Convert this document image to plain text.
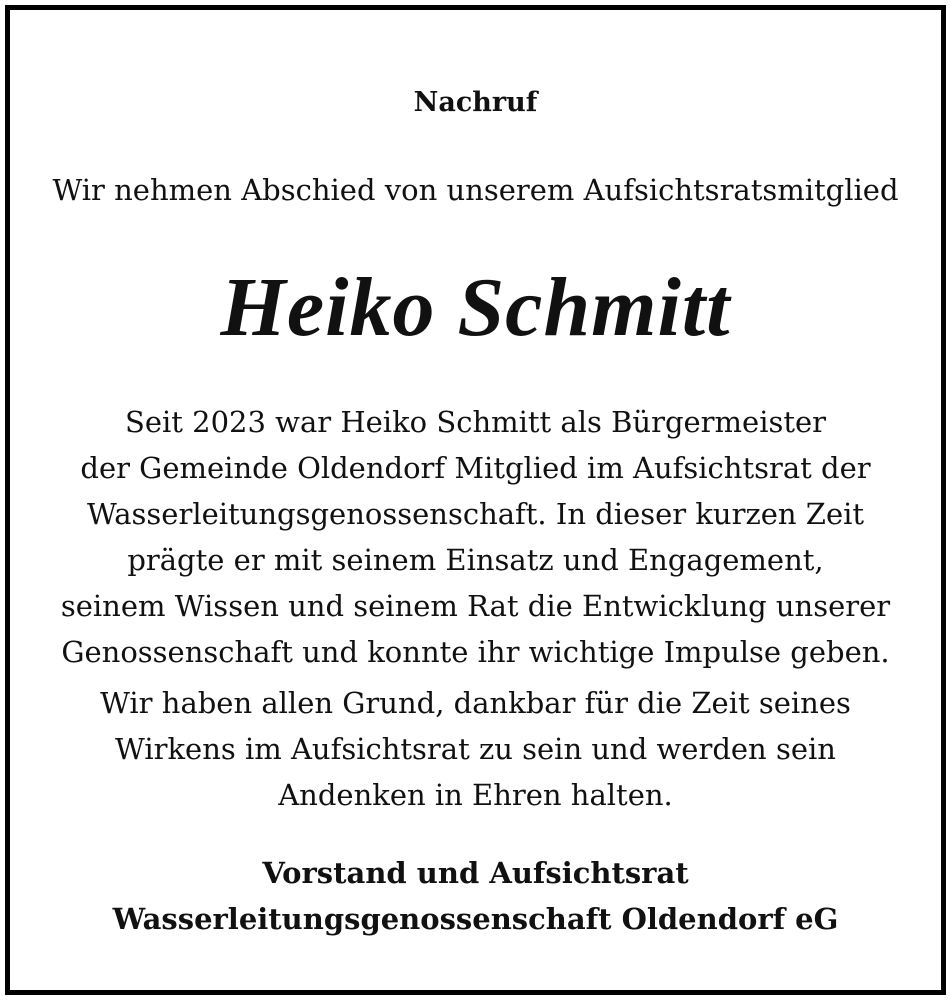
Nachruf
Wir nehmen Abschied von unserem Aufsichtsratsmitglied
Heiko Schmitt
Seit 2023 war Heiko Schmitt als Bürgermeister
der Gemeinde Oldendorf Mitglied im Aufsichtsrat der
Wasserleitungsgenossenschaft. In dieser kurzen Zeit
prägte er mit seinem Einsatz und Engagement,
seinem Wissen und seinem Rat die Entwicklung unserer
Genossenschaft und konnte ihr wichtige Impulse geben.
Wir haben allen Grund, dankbar für die Zeit seines
Wirkens im Aufsichtsrat zu sein und werden sein
Andenken in Ehren halten.
Vorstand und Aufsichtsrat
Wasserleitungsgenossenschaft Oldendorf eG
